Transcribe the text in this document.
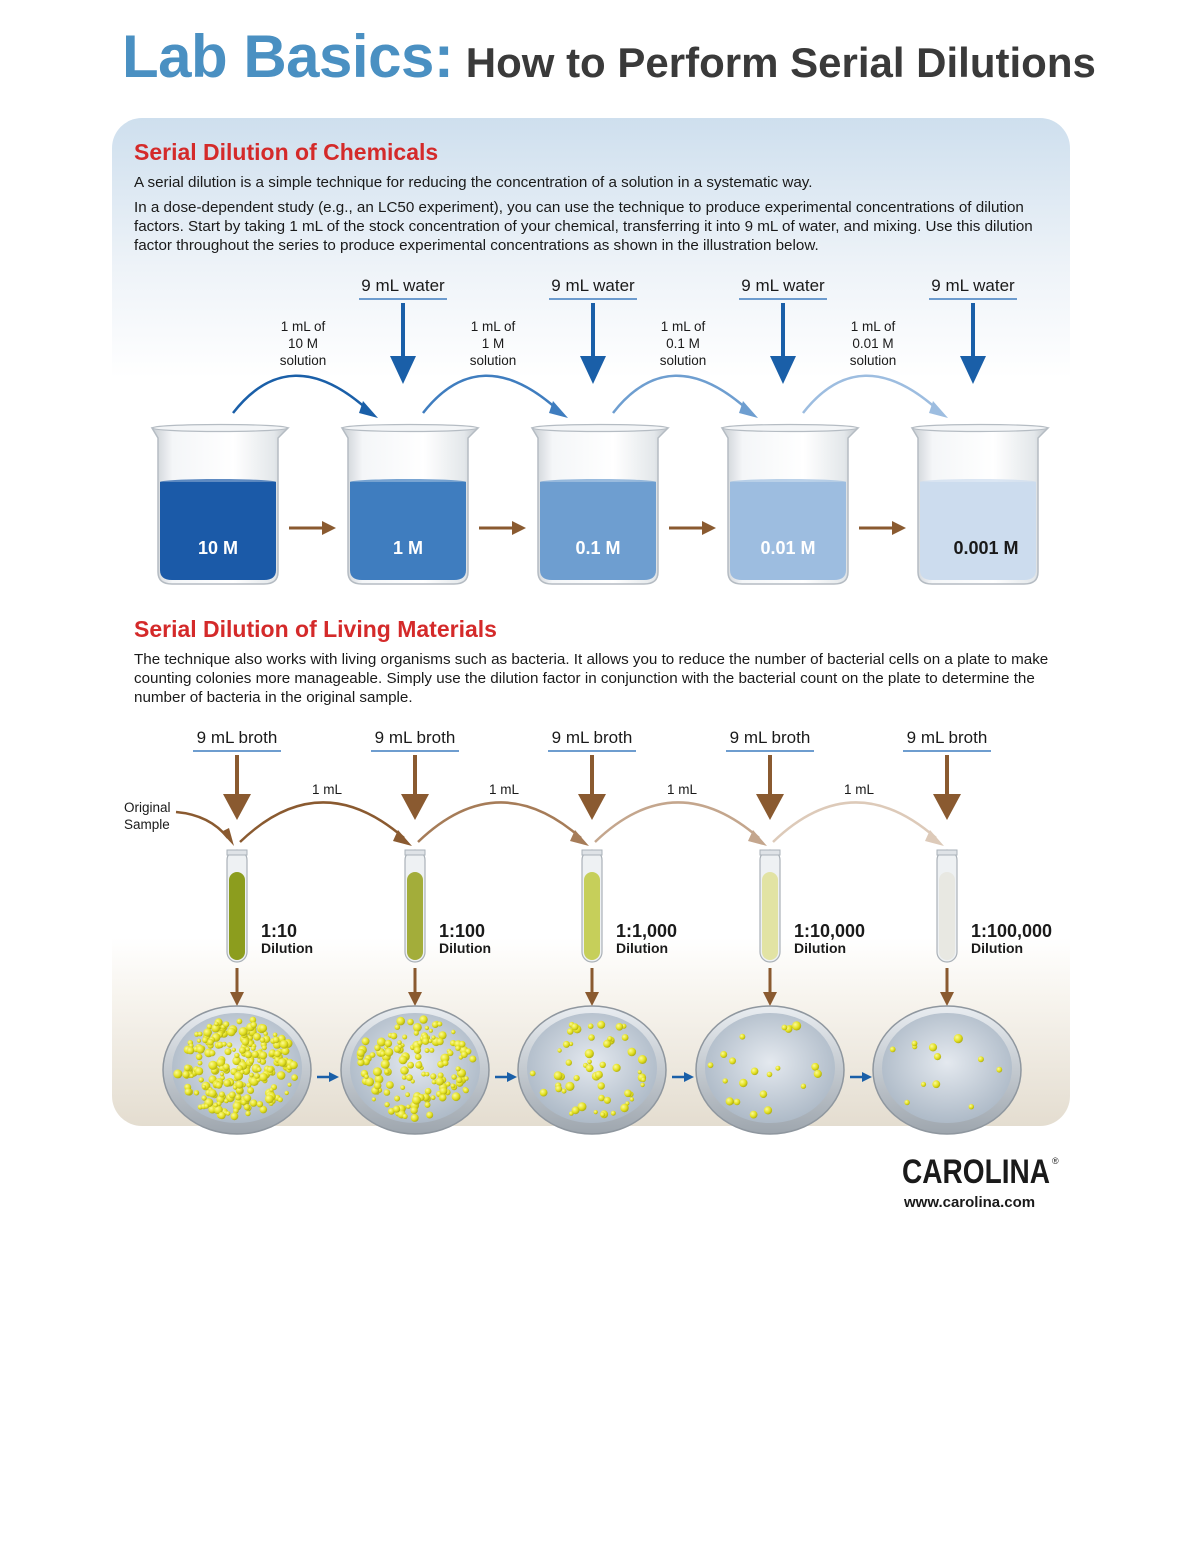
Lab Basics: How to Perform Serial Dilutions
Serial Dilution of Chemicals

A serial dilution is a simple technique for reducing the concentration of a solution in a systematic way.

In a dose-dependent study (e.g., an LC50 experiment), you can use the technique to produce experimental concentrations of dilution factors. Start by taking 1 mL of the stock concentration of your chemical, transferring it into 9 mL of water, and mixing. Use this dilution factor throughout the series to produce experimental concentrations as shown in the illustration below.

Serial Dilution of Living Materials

The technique also works with living organisms such as bacteria. It allows you to reduce the number of bacterial cells on a plate to make counting colonies more manageable. Simply use the dilution factor in conjunction with the bacterial count on the plate to determine the number of bacteria in the original sample.

9 mL water	9 mL water	9 mL water	9 mL water
1 mL of
10 M
solution
1 mL of
1 M
solution
1 mL of
0.1 M
solution
1 mL of
0.01 M
solution
10 M	1 M	0.1 M	0.01 M	0.001 M
9 mL broth	9 mL broth	9 mL broth	9 mL broth	9 mL broth
Original
Sample
1 mL	1 mL	1 mL	1 mL
1:10
Dilution
1:100
Dilution
1:1,000
Dilution
1:10,000
Dilution
1:100,000
Dilution
CAROLINA ®
www.carolina.com
